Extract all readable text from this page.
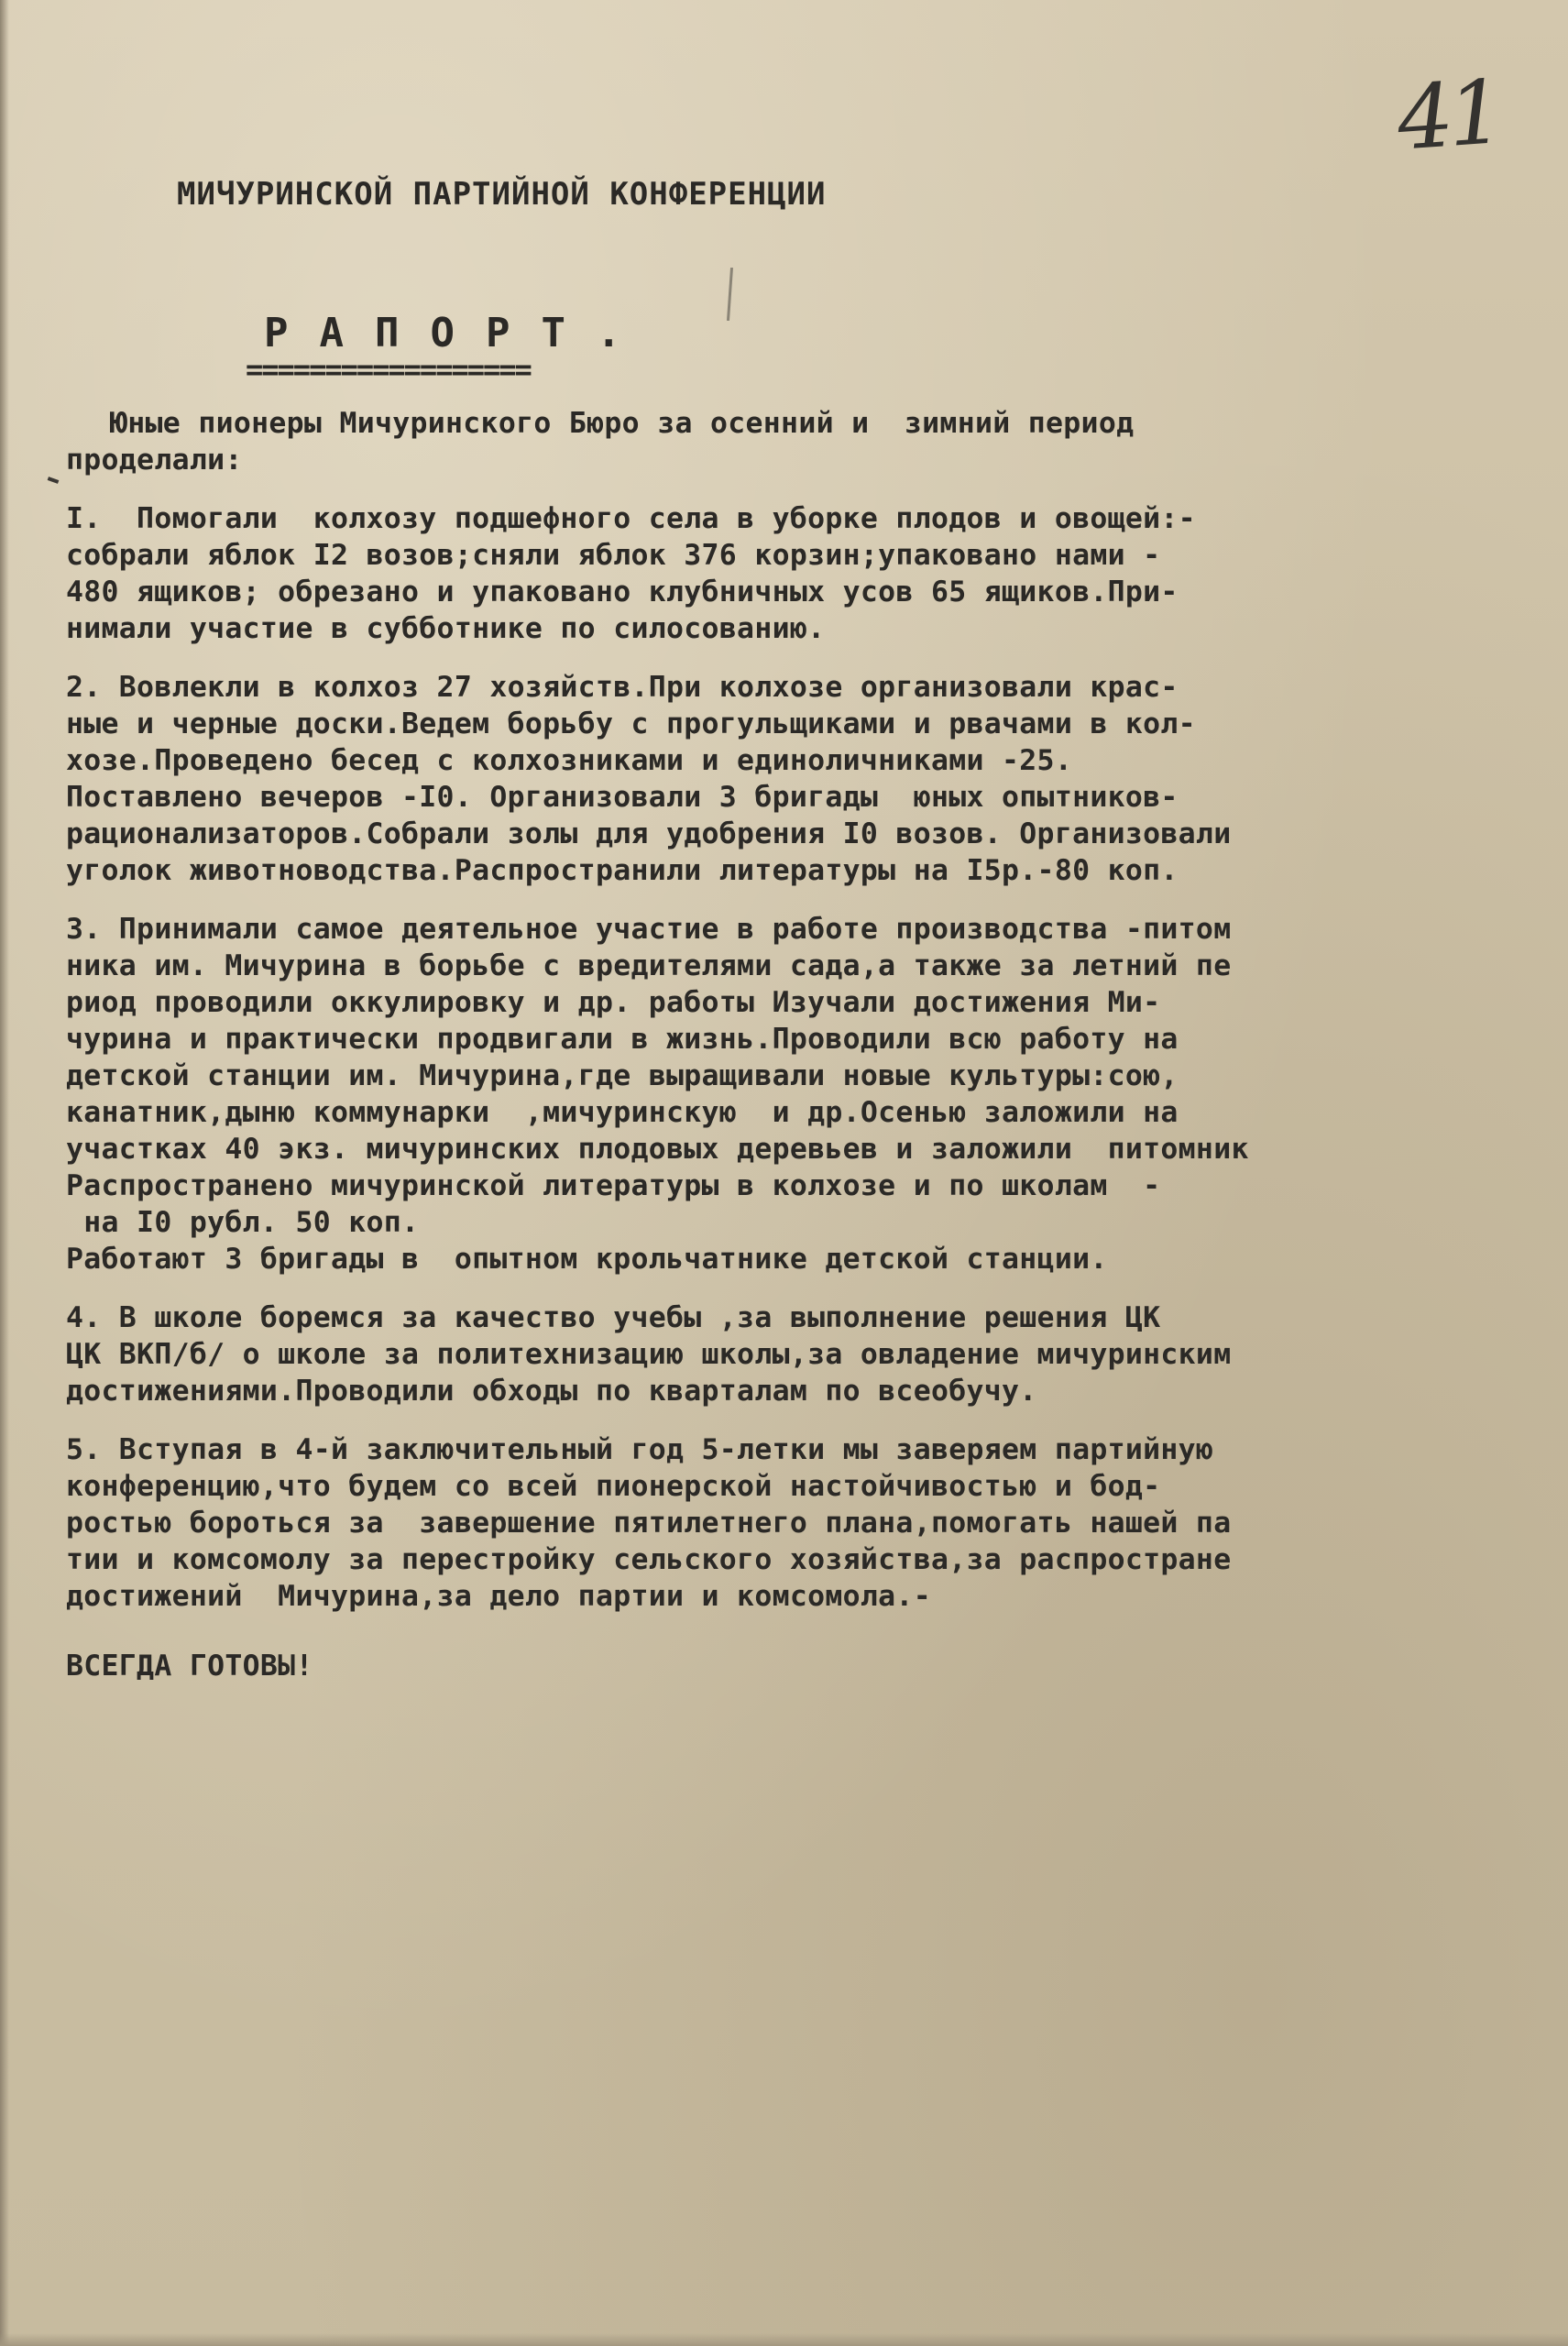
41
МИЧУРИНСКОЙ ПАРТИЙНОЙ КОНФЕРЕНЦИИ
РАПОРТ.
==================
Юные пионеры Мичуринского Бюро за осенний и  зимний период
проделали:
I.  Помогали  колхозу подшефного села в уборке плодов и овощей:-
собрали яблок I2 возов;сняли яблок 376 корзин;упаковано нами -
480 ящиков; обрезано и упаковано клубничных усов 65 ящиков.При-
нимали участие в субботнике по силосованию.
2. Вовлекли в колхоз 27 хозяйств.При колхозе организовали крас-
ные и черные доски.Ведем борьбу с прогульщиками и рвачами в кол-
хозе.Проведено бесед с колхозниками и единоличниками -25.
Поставлено вечеров -I0. Организовали 3 бригады  юных опытников-
рационализаторов.Собрали золы для удобрения I0 возов. Организовали
уголок животноводства.Распространили литературы на I5р.-80 коп.
3. Принимали самое деятельное участие в работе производства -питом
ника им. Мичурина в борьбе с вредителями сада,а также за летний пе
риод проводили оккулировку и др. работы Изучали достижения Ми-
чурина и практически продвигали в жизнь.Проводили всю работу на
детской станции им. Мичурина,где выращивали новые культуры:сою,
канатник,дыню коммунарки  ,мичуринскую  и др.Осенью заложили на
участках 40 экз. мичуринских плодовых деревьев и заложили  питомник
Распространено мичуринской литературы в колхозе и по школам  -
на I0 рубл. 50 коп.
Работают 3 бригады в  опытном крольчатнике детской станции.
4. В школе боремся за качество учебы ,за выполнение решения ЦК
ЦК ВКП/б/ о школе за политехнизацию школы,за овладение мичуринским
достижениями.Проводили обходы по кварталам по всеобучу.
5. Вступая в 4-й заключительный год 5-летки мы заверяем партийную
конференцию,что будем со всей пионерской настойчивостью и бод-
ростью бороться за  завершение пятилетнего плана,помогать нашей па
тии и комсомолу за перестройку сельского хозяйства,за распростране
достижений  Мичурина,за дело партии и комсомола.-
ВСЕГДА ГОТОВЫ!
